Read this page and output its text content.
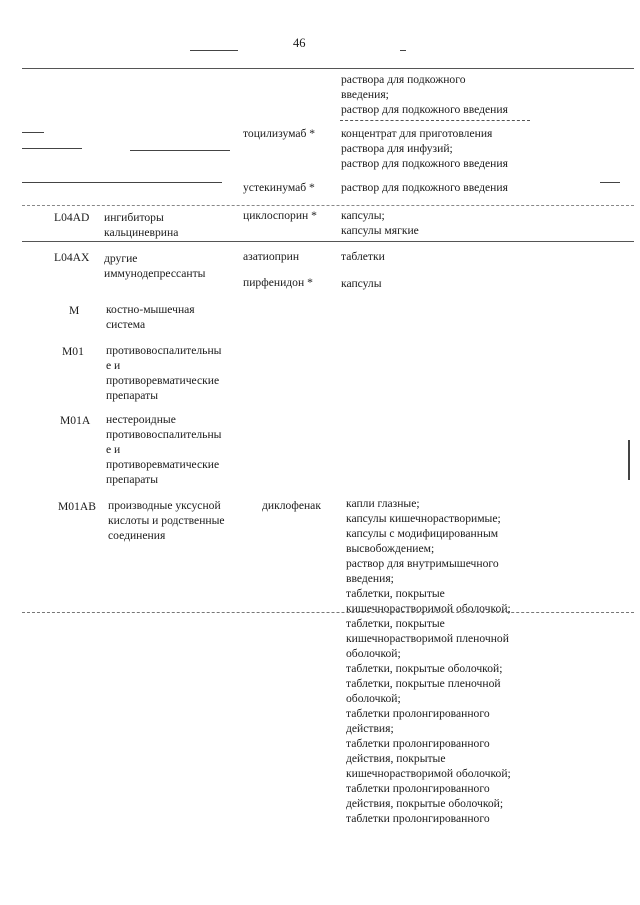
46
раствора для подкожного
введения;
раствор для подкожного введения
тоцилизумаб * концентрат для приготовления
раствора для инфузий;
раствор для подкожного введения
устекинумаб * раствор для подкожного введения
L04AD ингибиторы
кальциневрина
циклоспорин * капсулы;
капсулы мягкие
L04AX другие
иммунодепрессанты
азатиоприн	таблетки
пирфенидон * капсулы
M костно-мышечная
система
M01 противовоспалительны
е и
противоревматические
препараты
M01A нестероидные
противовоспалительны
е и
противоревматические
препараты
M01AB производные уксусной
кислоты и родственные
соединения
диклофенак капли глазные;
капсулы кишечнорастворимые;
капсулы с модифицированным
высвобождением;
раствор для внутримышечного
введения;
таблетки, покрытые
кишечнорастворимой оболочкой;
таблетки, покрытые
кишечнорастворимой пленочной
оболочкой;
таблетки, покрытые оболочкой;
таблетки, покрытые пленочной
оболочкой;
таблетки пролонгированного
действия;
таблетки пролонгированного
действия, покрытые
кишечнорастворимой оболочкой;
таблетки пролонгированного
действия, покрытые оболочкой;
таблетки пролонгированного
